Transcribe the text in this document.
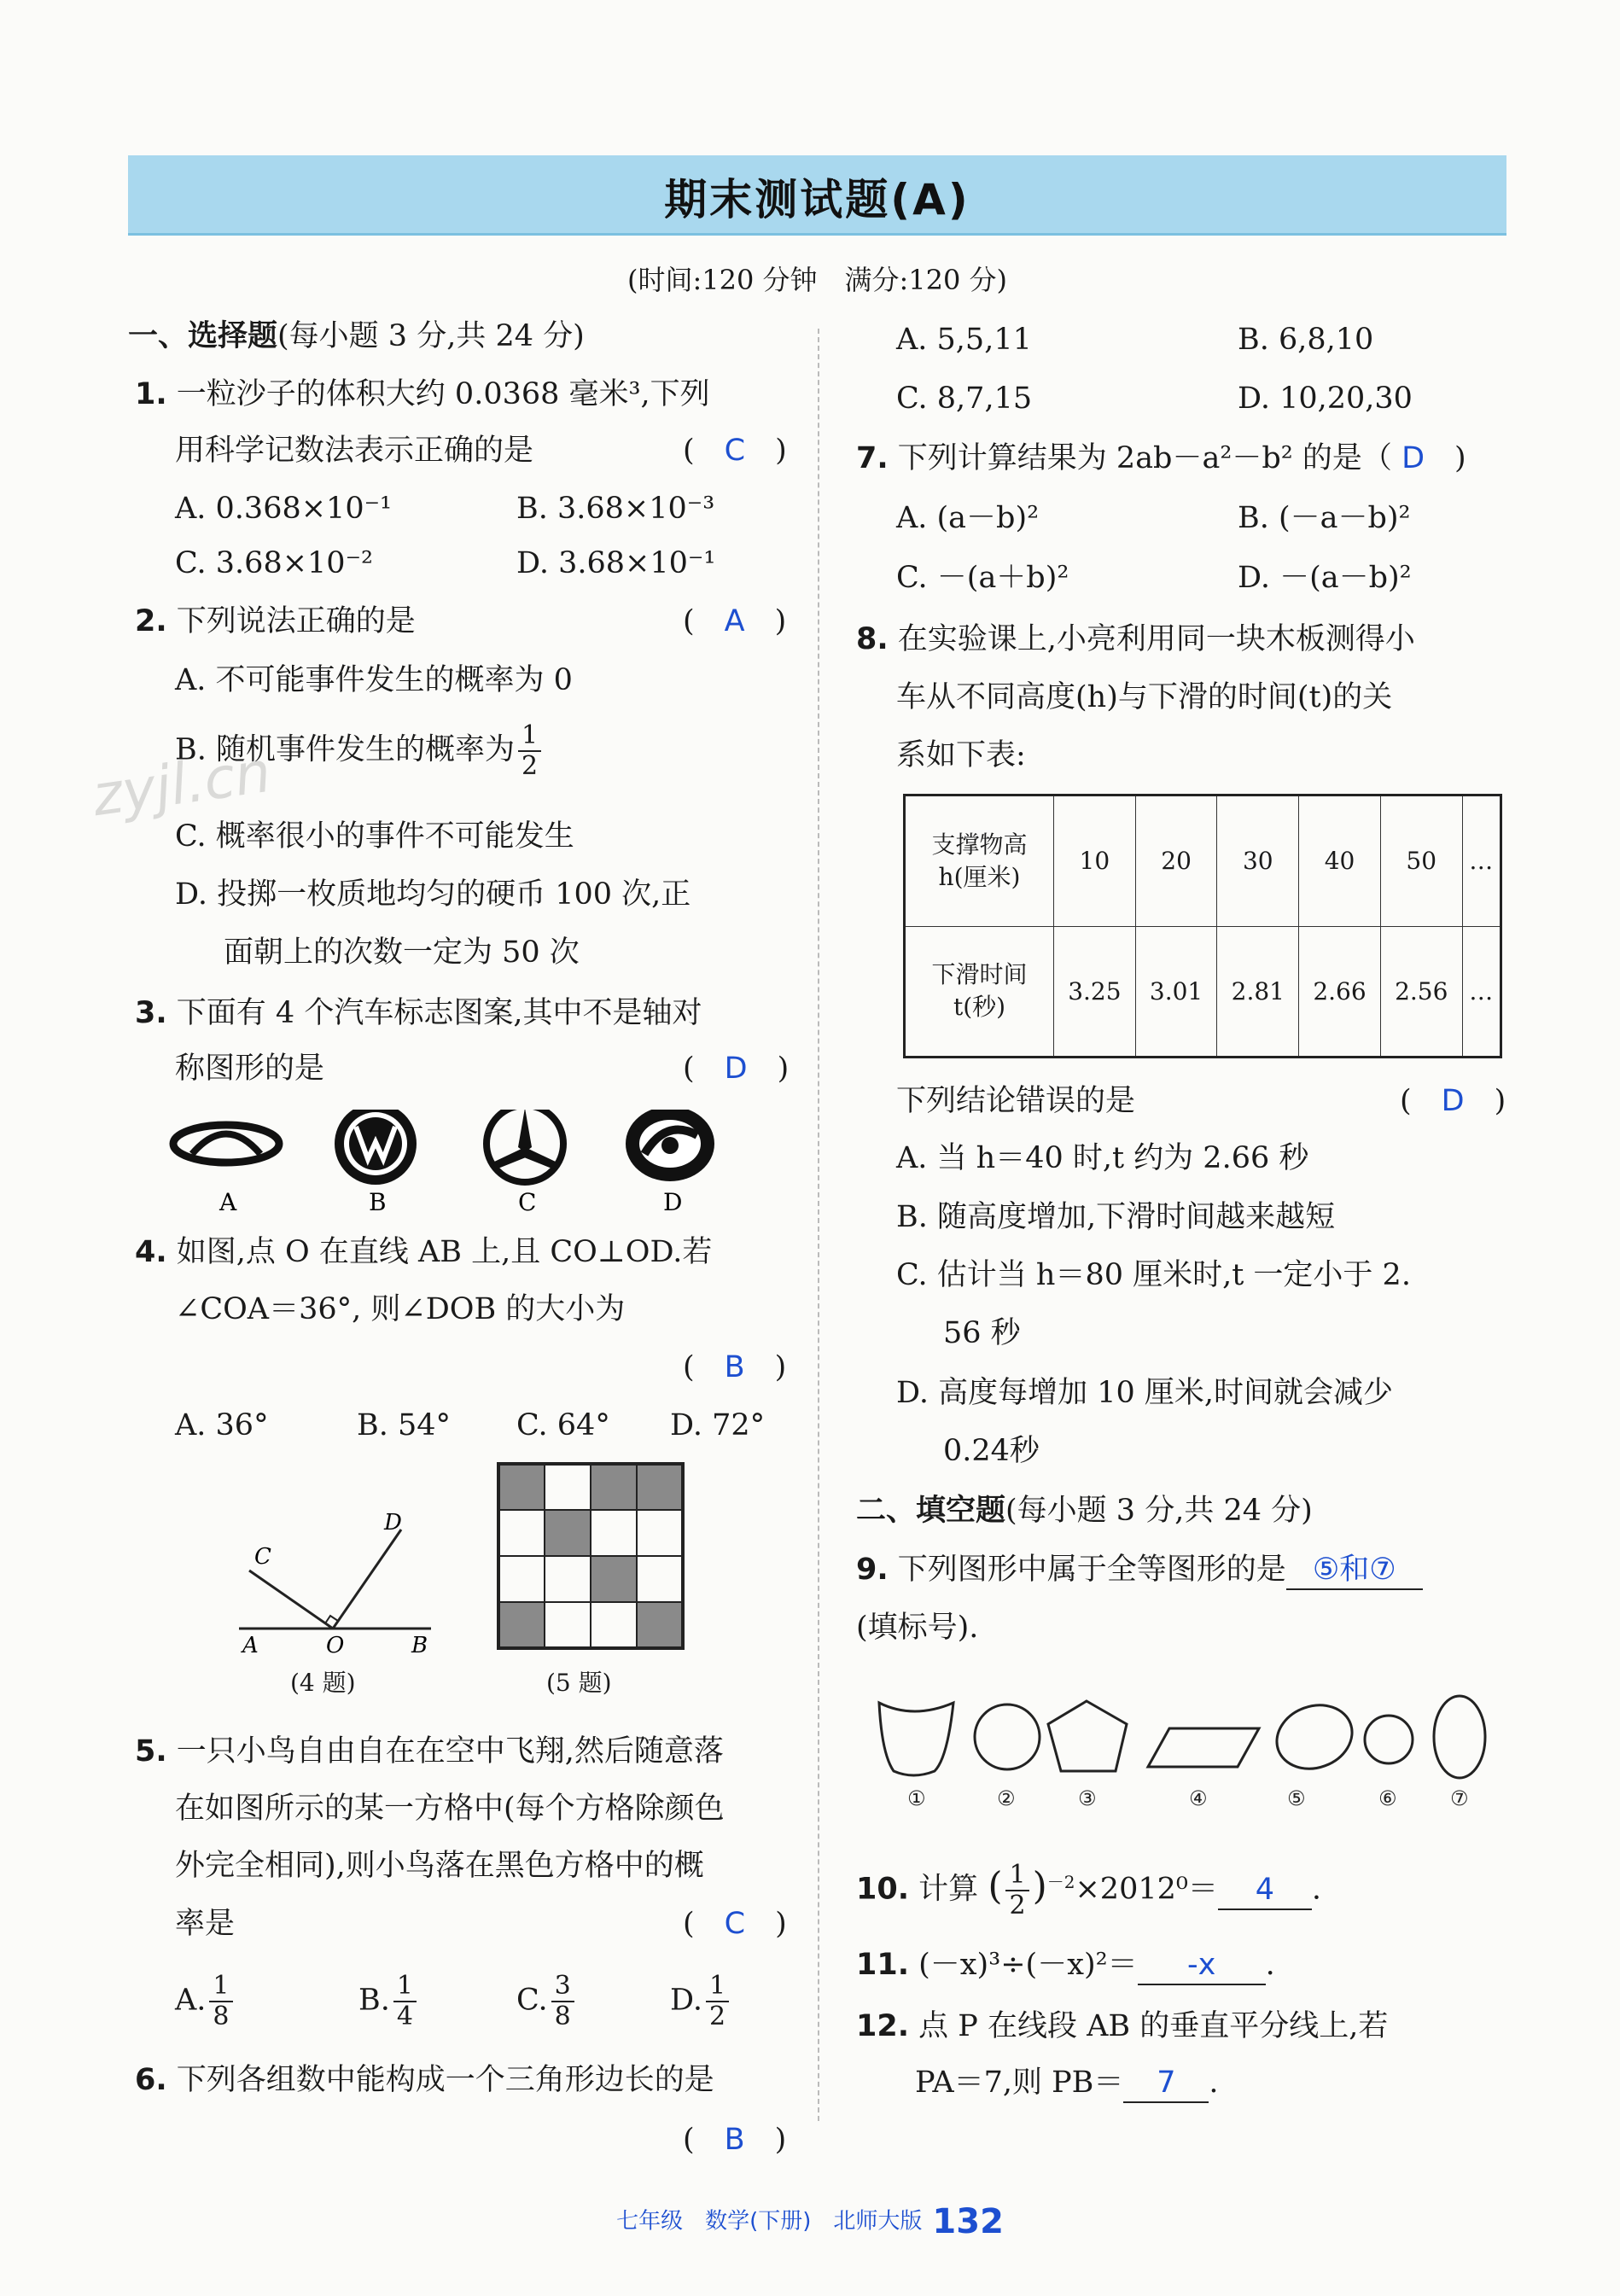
期末测试题(A)
(时间:120 分钟　满分:120 分)
zyjl.cn
一、选择题(每小题 3 分,共 24 分)
1. 一粒沙子的体积大约 0.0368 毫米³,下列
用科学记数法表示正确的是	(　C　)
A. 0.368×10⁻¹	B. 3.68×10⁻³
C. 3.68×10⁻²	D. 3.68×10⁻¹
2. 下列说法正确的是	(　A　)
A. 不可能事件发生的概率为 0
B. 随机事件发生的概率为 $\frac{1}{2}$
C. 概率很小的事件不可能发生
D. 投掷一枚质地均匀的硬币 100 次,正
面朝上的次数一定为 50 次
3. 下面有 4 个汽车标志图案,其中不是轴对
称图形的是	(　D　)
A	B	C	D
4. 如图,点 O 在直线 AB 上,且 CO⊥OD.若
∠COA＝36°, 则∠DOB 的大小为
(　B　)
A. 36°	B. 54° C. 64° D. 72°
C
D
A	O	B
(4 题)	(5 题)
5. 一只小鸟自由自在在空中飞翔,然后随意落
在如图所示的某一方格中(每个方格除颜色
外完全相同),则小鸟落在黑色方格中的概
率是	(　C　)
A. $\frac{1}{8}$	B. $\frac{1}{4}$	C. $\frac{3}{8}$	D. $\frac{1}{2}$
6. 下列各组数中能构成一个三角形边长的是
(　B　)
A. 5,5,11	B. 6,8,10
C. 8,7,15	D. 10,20,30
7. 下列计算结果为 2ab－a²－b² 的是（ D　)
A. (a－b)²	B. (－a－b)²
C. －(a＋b)²	D. －(a－b)²
8. 在实验课上,小亮利用同一块木板测得小
车从不同高度(h)与下滑的时间(t)的关
系如下表:
支撑物高
h(厘米)	10	20	30	40	50	…
下滑时间
t(秒)	3.25	3.01	2.81	2.66	2.56	…
下列结论错误的是	(　D　)
A. 当 h＝40 时,t 约为 2.66 秒
B. 随高度增加,下滑时间越来越短
C. 估计当 h＝80 厘米时,t 一定小于 2.
56 秒
D. 高度每增加 10 厘米,时间就会减少
0.24秒
二、填空题(每小题 3 分,共 24 分)
9. 下列图形中属于全等图形的是 ⑤和⑦
(填标号).
①	②	③	④	⑤	⑥	⑦
10. 计算 ( $\frac{1}{2} )^{-2}\times 2012^0= 4$ .
11. (－x)³÷(－x)²＝ -x .
12. 点 P 在线段 AB 的垂直平分线上,若
PA＝7,则 PB＝ 7 .
七年级　 数学(下册)　 北师大版 132
